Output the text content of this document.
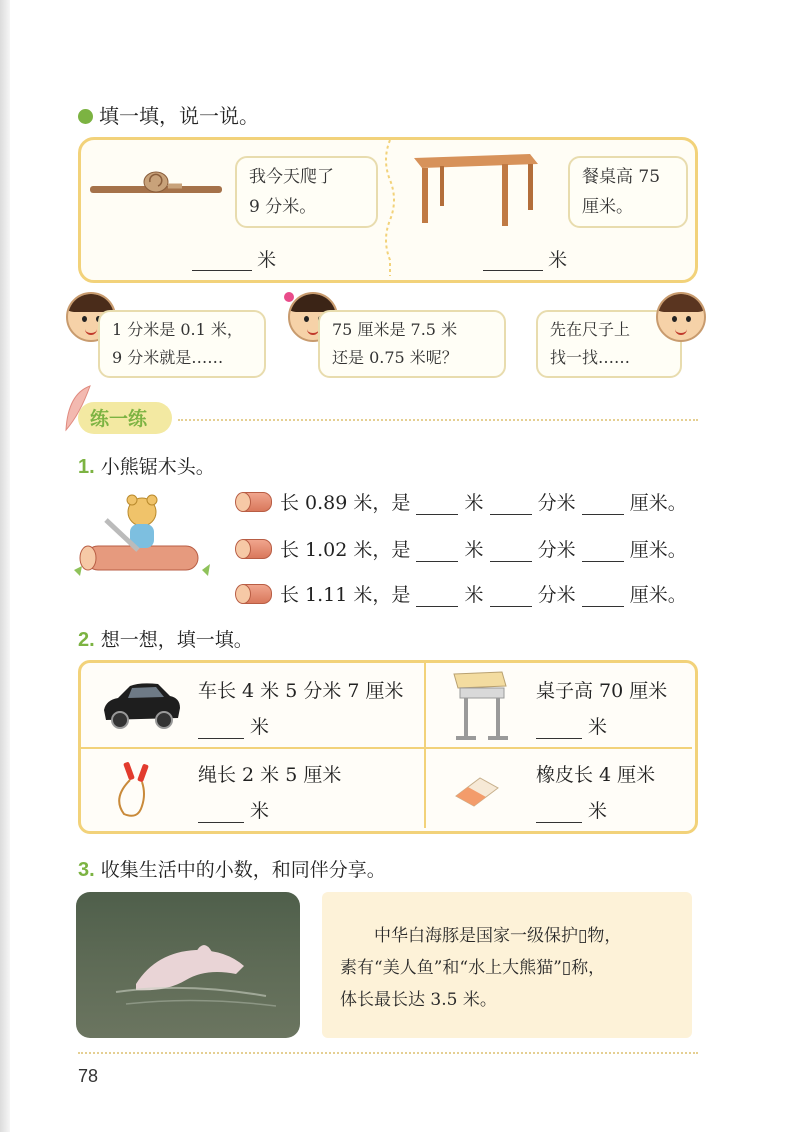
填一填，说一说。
我今天爬了
9 分米。
米
餐桌高 75
厘米。
米
1 分米是 0.1 米，
9 分米就是……
75 厘米是 7.5 米
还是 0.75 米呢？
先在尺子上
找一找……
练一练
1. 小熊锯木头。
长 0.89 米，是	米	分米	厘米。
长 1.02 米，是	米	分米	厘米。
长 1.11 米，是	米	分米	厘米。
2. 想一想，填一填。
车长 4 米 5 分米 7 厘米
米
桌子高 70 厘米
米
绳长 2 米 5 厘米
米
橡皮长 4 厘米
米
3. 收集生活中的小数，和同伴分享。
中华白海豚是国家一级保护▯物，
素有“美人鱼”和“水上大熊猫”▯称，
体长最长达 3.5 米。
78
